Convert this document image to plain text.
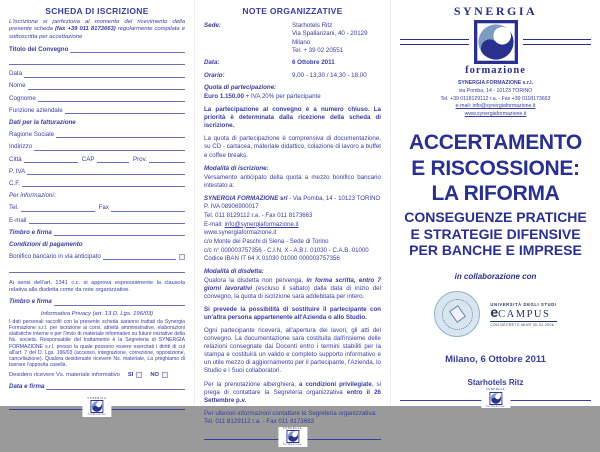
SCHEDA DI ISCRIZIONE

L'iscrizione si perfeziona al momento del ricevimento della presente scheda (fax +39 011 8173663) regolarmente compilata e sottoscritta per accettazione

Titolo del Convegno
Data
Nome
Cognome
Funzione aziendale
Dati per la fatturazione
Ragione Sociale
Indirizzo
Città	CAP	Prov.
P. IVA
C.F.
Per informazioni:
Tel.	Fax
E-mail
Timbro e firma
Condizioni di pagamento
Bonifico bancario in via anticipato

Ai sensi dell'art. 1341 c.c. si approva espressamente la clausola relativa alla disdetta come da note organizzative.

Timbro e firma
Informativa Privacy (art. 13 D. Lgs. 196/03)

I dati personali raccolti con la presente scheda saranno trattati da Synergia Formazione s.r.l. per iscrizione ai corsi, attività amministrative, elaborazioni statistiche interne e per l'invio di materiale informativo su future iniziative della Ns. società. Responsabile del trattamento è la Segreteria di SYNERGIA FORMAZIONE s.r.l. presso la quale possono essere esercitati i diritti di cui all'art. 7 del D. Lgs. 196/03 (accesso, integrazione, correzione, opposizione, cancellazione). Qualora desideraste ricevere Ns. materiale, La preghiamo di barrare l'apposita casella.

Desidero ricevere Vs. materiale informativo SI	NO
Data e firma
SYNERGIA
formazione
NOTE ORGANIZZATIVE
Sede:	Starhotels Ritz
Via Spallanzani, 40 - 20129 Milano
Tel. + 39 02 20551
Data:	6 Ottobre 2011
Orario:	9,00 - 13,30 / 14,30 - 18,00
Quota di partecipazione:

Euro 1.150,00 + IVA 20% per partecipante

La partecipazione al convegno è a numero chiuso. La priorità è determinata dalla ricezione della scheda di iscrizione.

La quota di partecipazione è comprensiva di documentazione, su CD - cartacea, materiale didattico, colazione di lavoro a buffet e coffee breaks.

Modalità di iscrizione:

Versamento anticipato della quota a mezzo bonifico bancario intestato a:

SYNERGIA FORMAZIONE srl - Via Pomba, 14 - 10123 TORINO
P. IVA 08906900017
Tel. 011 8129112 r.a. - Fax 011 8173663
E-mail: info@synergiaformazione.it
www.synergiaformazione.it
c/o Monte dei Paschi di Siena - Sede di Torino
c/c n° 000003757356 - C.I.N. X - A.B.I. 01030 - C.A.B. 01000
Codice IBAN IT 64 X 01030 01000 000003757356
Modalità di disdetta:

Qualora la disdetta non pervenga, in forma scritta, entro 7 giorni lavorativi (escluso il sabato) dalla data di inizio del convegno, la quota di iscrizione sarà addebitata per intero.

Si prevede la possibilità di sostituire il partecipante con un'altra persona appartenente all'Azienda o allo Studio.

Ogni partecipante riceverà, all'apertura dei lavori, gli atti del convegno. La documentazione sarà costituita dall'insieme delle relazioni consegnate dai Docenti entro i termini stabiliti per la stampa e costituirà un valido e completo supporto informativo e un utile mezzo di aggiornamento per il partecipante, l'Azienda, lo Studio e i Suoi collaboratori.

Per la prenotazione alberghiera, a condizioni privilegiate, si prega di contattare la Segreteria organizzativa entro il 26 Settembre p.v.

Per ulteriori informazioni contattare la Segreteria organizzativa:
Tel. 011 8129112 r.a. - Fax 011 8173663

SYNERGIA
formazione
SYNERGIA
formazione
SYNERGIA FORMAZIONE s.r.l.
via Pomba, 14 - 10123 TORINO
Tel. +39 0118129112 r.a. - Fax +39 0118173663
e-mail: info@synergiaformazione.it
www.synergiaformazione.it
ACCERTAMENTO
E RISCOSSIONE:
LA RIFORMA
CONSEGUENZE PRATICHE
E STRATEGIE DIFENSIVE
PER BANCHE E IMPRESE
in collaborazione con
UNIVERSITÀ DEGLI STUDI
e CAMPUS
CON DECRETO MIUR 30-01-2006
Milano, 6 Ottobre 2011
Starhotels Ritz
SYNERGIA
formazione
